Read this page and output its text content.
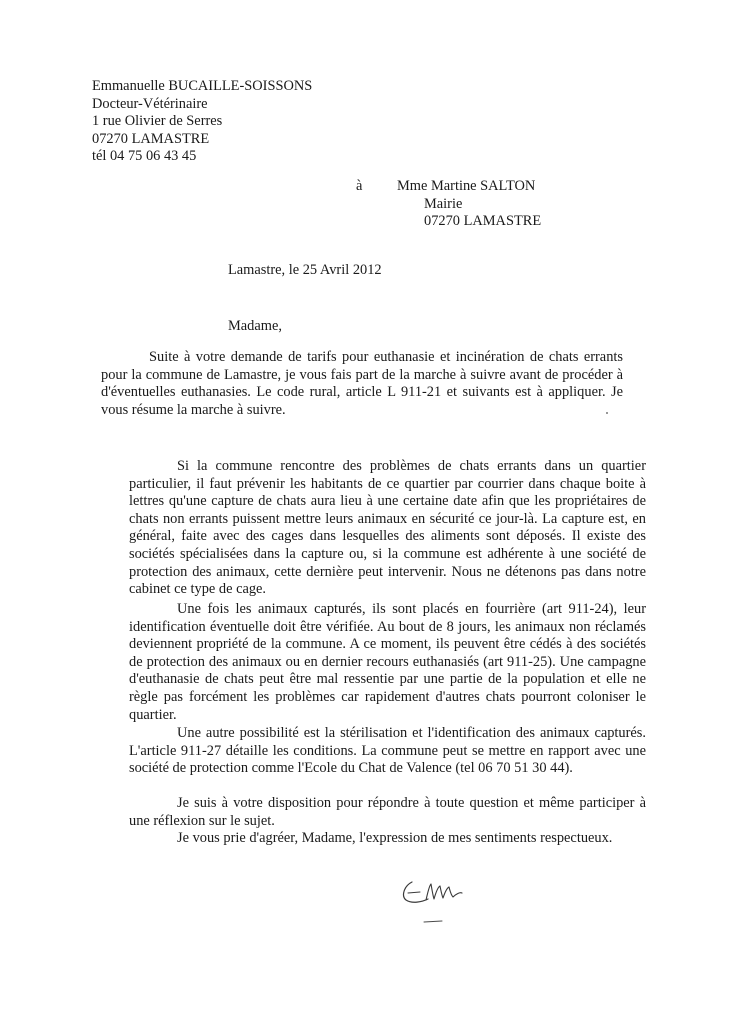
Emmanuelle BUCAILLE-SOISSONS
Docteur-Vétérinaire
1 rue Olivier de Serres
07270 LAMASTRE
tél 04 75 06 43 45
à Mme Martine SALTON
Mairie
07270 LAMASTRE
Lamastre, le 25 Avril 2012
Madame,

Suite à votre demande de tarifs pour euthanasie et incinération de chats errants pour la commune de Lamastre, je vous fais part de la marche à suivre avant de procéder à d'éventuelles euthanasies. Le code rural, article L 911-21 et suivants est à appliquer. Je vous résume la marche à suivre.

Si la commune rencontre des problèmes de chats errants dans un quartier particulier, il faut prévenir les habitants de ce quartier par courrier dans chaque boite à lettres qu'une capture de chats aura lieu à une certaine date afin que les propriétaires de chats non errants puissent mettre leurs animaux en sécurité ce jour-là. La capture est, en général, faite avec des cages dans lesquelles des aliments sont déposés. Il existe des sociétés spécialisées dans la capture ou, si la commune est adhérente à une société de protection des animaux, cette dernière peut intervenir. Nous ne détenons pas dans notre cabinet ce type de cage.

Une fois les animaux capturés, ils sont placés en fourrière (art 911-24), leur identification éventuelle doit être vérifiée. Au bout de 8 jours, les animaux non réclamés deviennent propriété de la commune. A ce moment, ils peuvent être cédés à des sociétés de protection des animaux ou en dernier recours euthanasiés (art 911-25). Une campagne d'euthanasie de chats peut être mal ressentie par une partie de la population et elle ne règle pas forcément les problèmes car rapidement d'autres chats pourront coloniser le quartier.

Une autre possibilité est la stérilisation et l'identification des animaux capturés. L'article 911-27 détaille les conditions. La commune peut se mettre en rapport avec une société de protection comme l'Ecole du Chat de Valence (tel 06 70 51 30 44).

Je suis à votre disposition pour répondre à toute question et même participer à une réflexion sur le sujet.

Je vous prie d'agréer, Madame, l'expression de mes sentiments respectueux.
